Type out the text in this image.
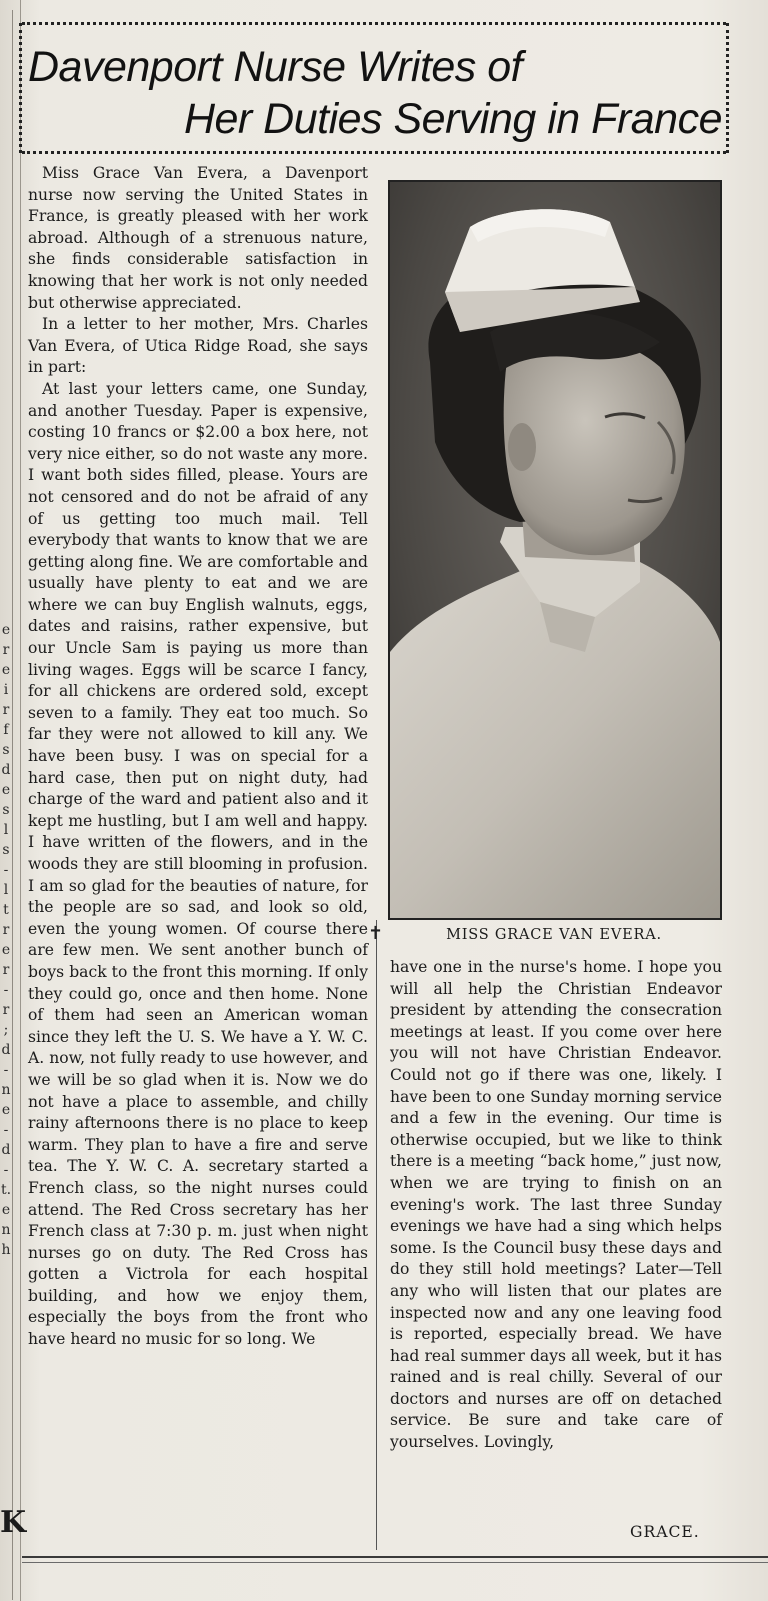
e
r
e
i
r
f
s
d
e
s
l
s
-
l
t
r
e
r
-
r
;
d
-
n
e
-
d
-
t.
e
n
h
K
Davenport Nurse Writes of
Her Duties Serving in France

Miss Grace Van Evera, a Davenport nurse now serving the United States in France, is greatly pleased with her work abroad. Although of a strenuous nature, she finds considerable satisfaction in knowing that her work is not only needed but otherwise appreciated.

In a letter to her mother, Mrs. Charles Van Evera, of Utica Ridge Road, she says in part:

At last your letters came, one Sunday, and another Tuesday. Paper is expensive, costing 10 francs or $2.00 a box here, not very nice either, so do not waste any more. I want both sides filled, please. Yours are not censored and do not be afraid of any of us getting too much mail. Tell everybody that wants to know that we are getting along fine. We are comfortable and usually have plenty to eat and we are where we can buy English walnuts, eggs, dates and raisins, rather expensive, but our Uncle Sam is paying us more than living wages. Eggs will be scarce I fancy, for all chickens are ordered sold, except seven to a family. They eat too much. So far they were not allowed to kill any. We have been busy. I was on special for a hard case, then put on night duty, had charge of the ward and patient also and it kept me hustling, but I am well and happy. I have written of the flowers, and in the woods they are still blooming in profusion. I am so glad for the beauties of nature, for the people are so sad, and look so old, even the young women. Of course there are few men. We sent another bunch of boys back to the front this morning. If only they could go, once and then home. None of them had seen an American woman since they left the U. S. We have a Y. W. C. A. now, not fully ready to use however, and we will be so glad when it is. Now we do not have a place to assemble, and chilly rainy afternoons there is no place to keep warm. They plan to have a fire and serve tea. The Y. W. C. A. secretary started a French class, so the night nurses could attend. The Red Cross secretary has her French class at 7:30 p. m. just when night nurses go on duty. The Red Cross has gotten a Victrola for each hospital building, and how we enjoy them, especially the boys from the front who have heard no music for so long. We

MISS GRACE VAN EVERA.
✝

have one in the nurse's home. I hope you will all help the Christian Endeavor president by attending the consecration meetings at least. If you come over here you will not have Christian Endeavor. Could not go if there was one, likely. I have been to one Sunday morning service and a few in the evening. Our time is otherwise occupied, but we like to think there is a meeting “back home,” just now, when we are trying to finish on an evening's work. The last three Sunday evenings we have had a sing which helps some. Is the Council busy these days and do they still hold meetings? Later—Tell any who will listen that our plates are inspected now and any one leaving food is reported, especially bread. We have had real summer days all week, but it has rained and is real chilly. Several of our doctors and nurses are off on detached service. Be sure and take care of yourselves. Lovingly,

GRACE.
